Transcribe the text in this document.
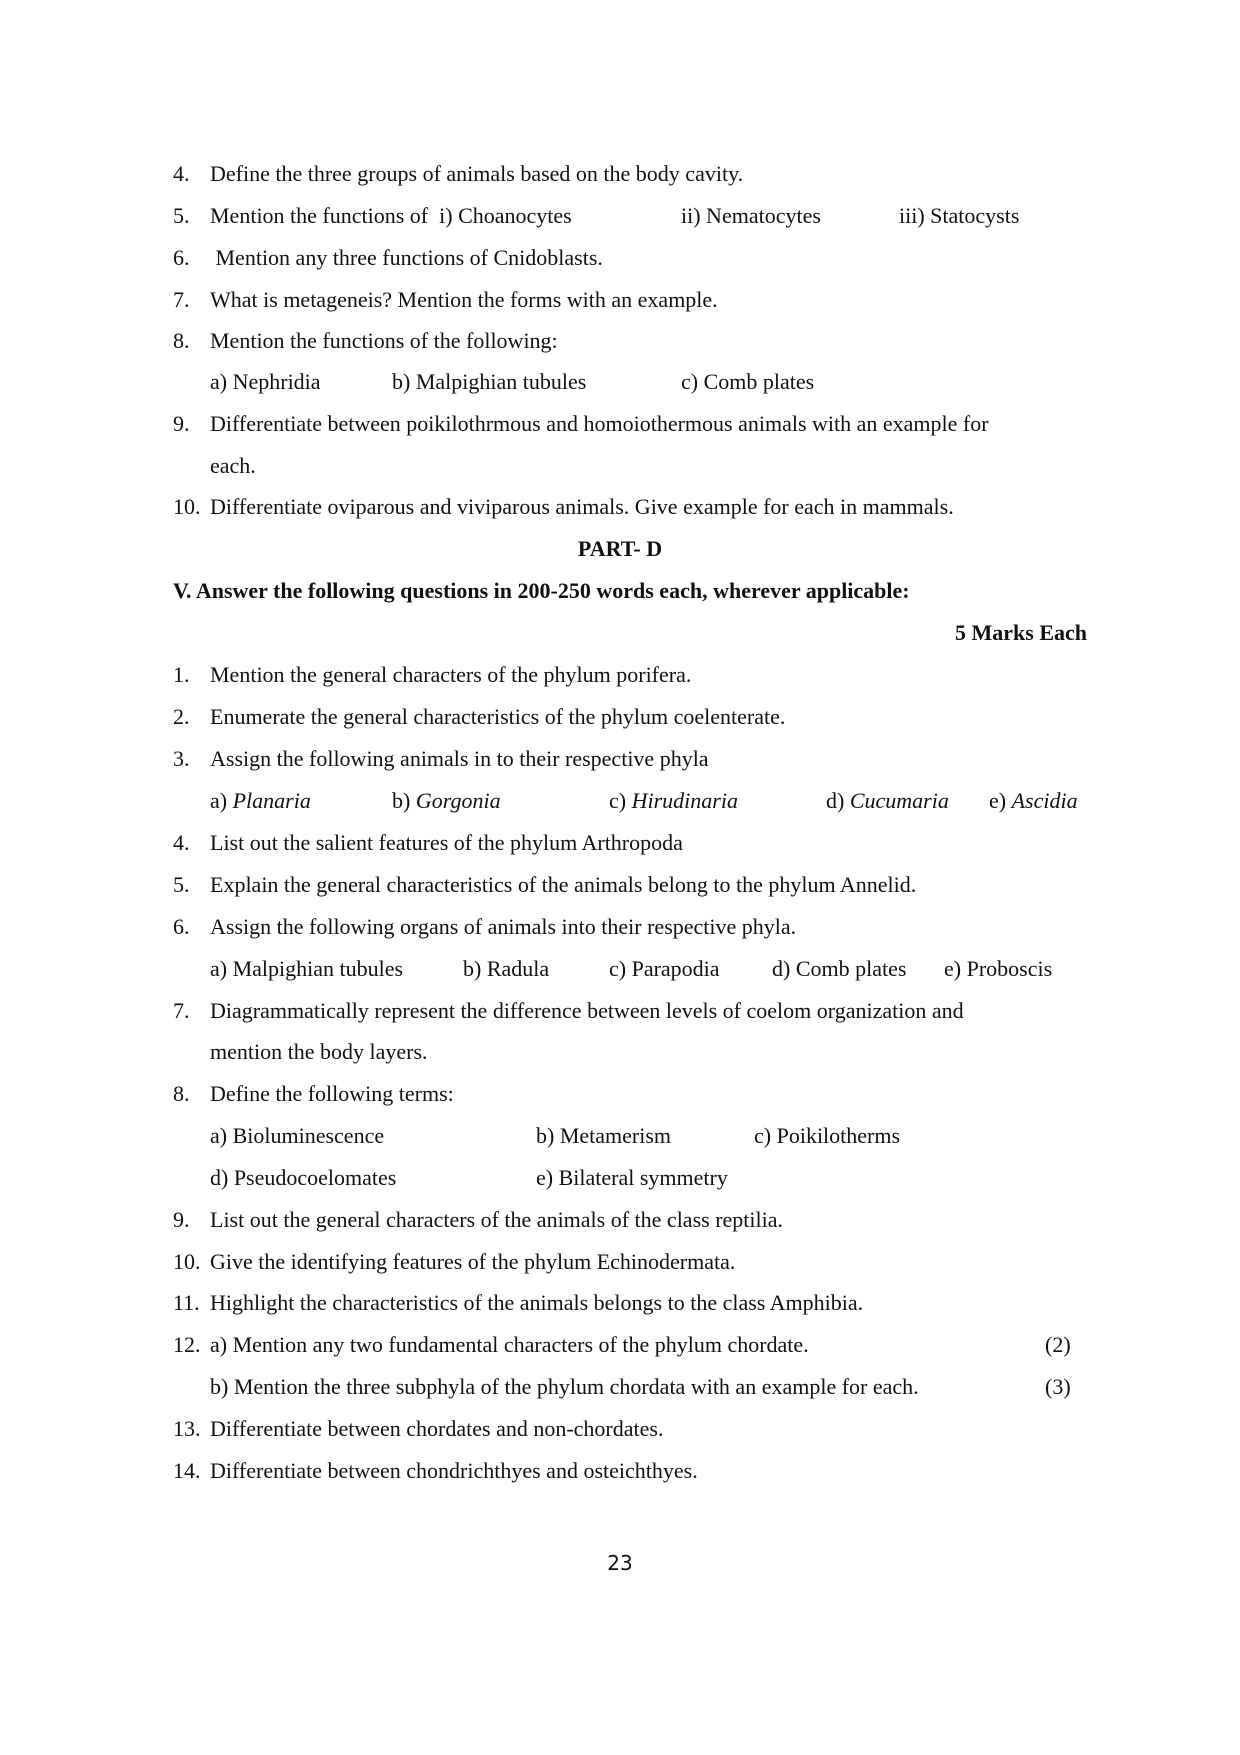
4. Define the three groups of animals based on the body cavity.
5. Mention the functions of  i) Choanocytes	ii) Nematocytes	iii) Statocysts
6. Mention any three functions of Cnidoblasts.
7. What is metageneis? Mention the forms with an example.
8. Mention the functions of the following:
a) Nephridia	b) Malpighian tubules	c) Comb plates
9. Differentiate between poikilothrmous and homoiothermous animals with an example for
each.
10. Differentiate oviparous and viviparous animals. Give example for each in mammals.
PART- D
V. Answer the following questions in 200-250 words each, wherever applicable:
5 Marks Each
1. Mention the general characters of the phylum porifera.
2. Enumerate the general characteristics of the phylum coelenterate.
3. Assign the following animals in to their respective phyla
a) Planaria	b) Gorgonia	c) Hirudinaria	d) Cucumaria e) Ascidia
4. List out the salient features of the phylum Arthropoda
5. Explain the general characteristics of the animals belong to the phylum Annelid.
6. Assign the following organs of animals into their respective phyla.
a) Malpighian tubules	b) Radula	c) Parapodia d) Comb plates e) Proboscis
7. Diagrammatically represent the difference between levels of coelom organization and
mention the body layers.
8. Define the following terms:
a) Bioluminescence	b) Metamerism	c) Poikilotherms
d) Pseudocoelomates	e) Bilateral symmetry
9. List out the general characters of the animals of the class reptilia.
10. Give the identifying features of the phylum Echinodermata.
11. Highlight the characteristics of the animals belongs to the class Amphibia.
12. a) Mention any two fundamental characters of the phylum chordate.	(2)
b) Mention the three subphyla of the phylum chordata with an example for each.	(3)
13. Differentiate between chordates and non-chordates.
14. Differentiate between chondrichthyes and osteichthyes.
23
